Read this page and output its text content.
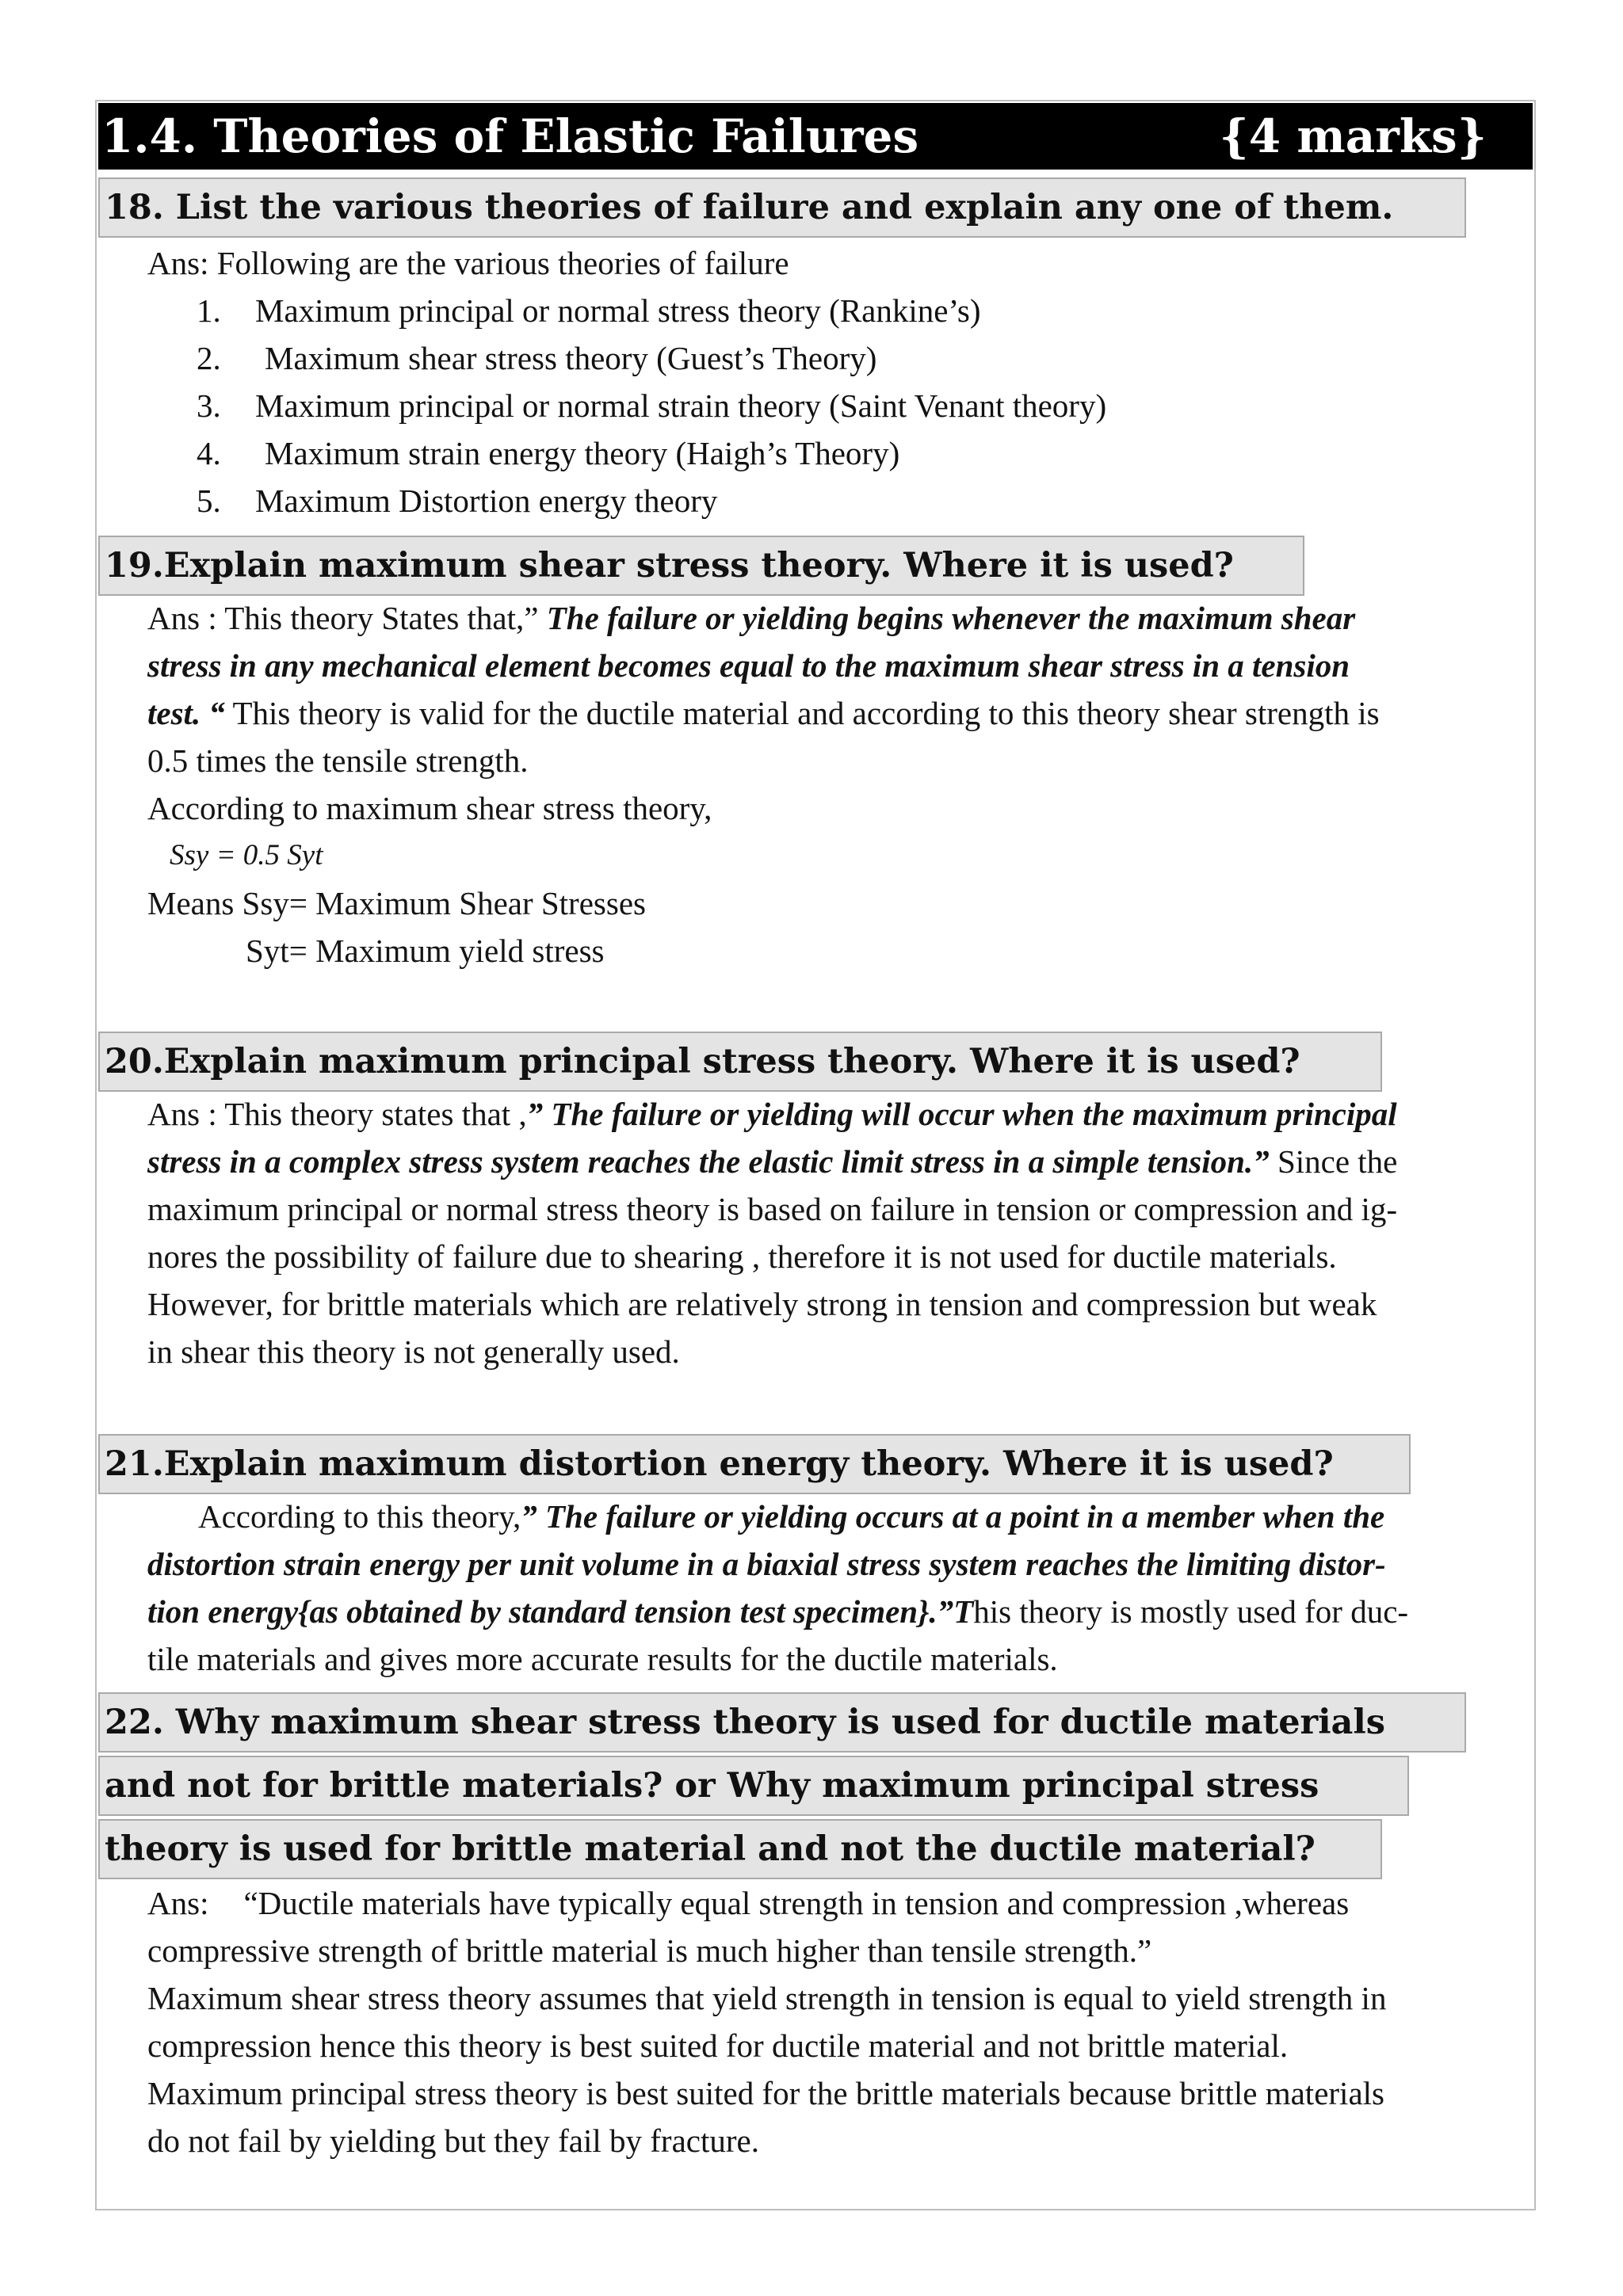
1.4. Theories of Elastic Failures	{4 marks}
18. List the various theories of failure and explain any one of them.
Ans: Following are the various theories of failure
1. Maximum principal or normal stress theory (Rankine’s)
2. Maximum shear stress theory (Guest’s Theory)
3. Maximum principal or normal strain theory (Saint Venant theory)
4. Maximum strain energy theory (Haigh’s Theory)
5. Maximum Distortion energy theory
19.Explain maximum shear stress theory. Where it is used?
Ans : This theory States that,” The failure or yielding begins whenever the maximum shear
stress in any mechanical element becomes equal to the maximum shear stress in a tension
test. “ This theory is valid for the ductile material and according to this theory shear strength is
0.5 times the tensile strength.
According to maximum shear stress theory,
Ssy = 0.5 Syt
Means Ssy= Maximum Shear Stresses
Syt= Maximum yield stress
20.Explain maximum principal stress theory. Where it is used?
Ans : This theory states that ,” The failure or yielding will occur when the maximum principal
stress in a complex stress system reaches the elastic limit stress in a simple tension.” Since the
maximum principal or normal stress theory is based on failure in tension or compression and ig-
nores the possibility of failure due to shearing , therefore it is not used for ductile materials.
However, for brittle materials which are relatively strong in tension and compression but weak
in shear this theory is not generally used.
21.Explain maximum distortion energy theory. Where it is used?
According to this theory,” The failure or yielding occurs at a point in a member when the
distortion strain energy per unit volume in a biaxial stress system reaches the limiting distor-
tion energy{as obtained by standard tension test specimen}.”This theory is mostly used for duc-
tile materials and gives more accurate results for the ductile materials.
22. Why maximum shear stress theory is used for ductile materials
and not for brittle materials? or Why maximum principal stress
theory is used for brittle material and not the ductile material?
Ans: “Ductile materials have typically equal strength in tension and compression ,whereas
compressive strength of brittle material is much higher than tensile strength.”
Maximum shear stress theory assumes that yield strength in tension is equal to yield strength in
compression hence this theory is best suited for ductile material and not brittle material.
Maximum principal stress theory is best suited for the brittle materials because brittle materials
do not fail by yielding but they fail by fracture.
